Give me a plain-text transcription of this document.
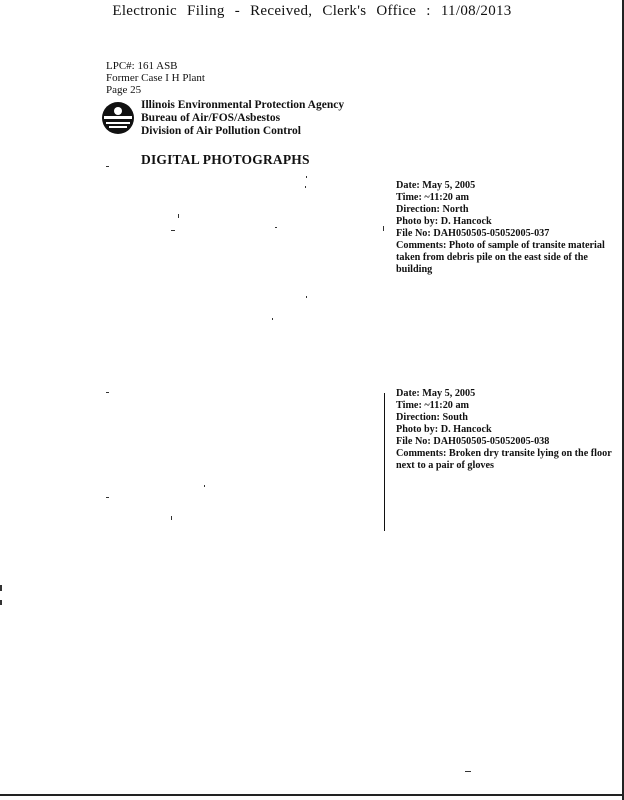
Electronic Filing - Received, Clerk's Office : 11/08/2013
LPC#: 161 ASB
Former Case I H Plant
Page 25
Illinois Environmental Protection Agency
Bureau of Air/FOS/Asbestos
Division of Air Pollution Control
DIGITAL PHOTOGRAPHS
Date: May 5, 2005
Time: ~11:20 am
Direction: North
Photo by: D. Hancock
File No: DAH050505-05052005-037
Comments: Photo of sample of transite material taken from debris pile on the east side of the building
Date: May 5, 2005
Time: ~11:20 am
Direction: South
Photo by: D. Hancock
File No: DAH050505-05052005-038
Comments: Broken dry transite lying on the floor next to a pair of gloves
